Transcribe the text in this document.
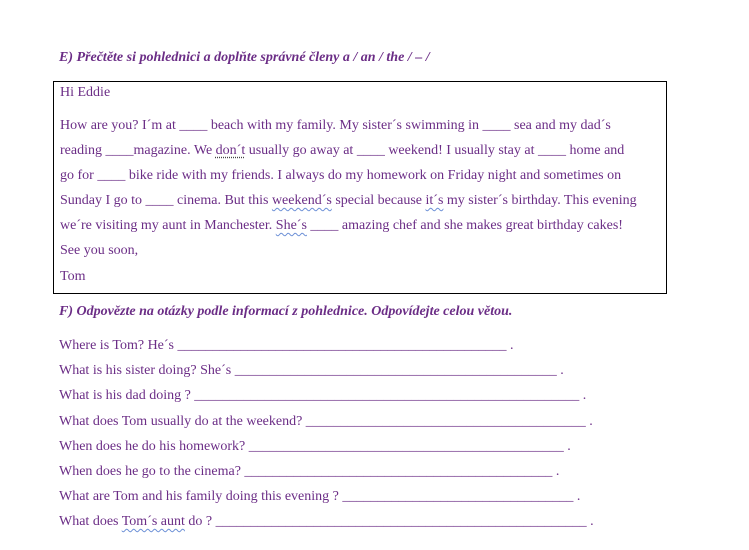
E) Přečtěte si pohlednici a doplňte správné členy a / an / the / – /
Hi Eddie
How are you? I´m at ____ beach with my family. My sister´s swimming in ____ sea and my dad´s
reading ____magazine. We don´t usually go away at ____ weekend! I usually stay at ____ home and
go for ____ bike ride with my friends. I always do my homework on Friday night and sometimes on
Sunday I go to ____ cinema. But this weekend´s special because it´s my sister´s birthday. This evening
we´re visiting my aunt in Manchester. She´s ____ amazing chef and she makes great birthday cakes!
See you soon,
Tom
F) Odpovězte na otázky podle informací z pohlednice. Odpovídejte celou větou.
Where is Tom? He´s _______________________________________________ .
What is his sister doing? She´s ______________________________________________ .
What is his dad doing ? _______________________________________________________ .
What does Tom usually do at the weekend? ________________________________________ .
When does he do his homework? _____________________________________________ .
When does he go to the cinema? ____________________________________________ .
What are Tom and his family doing this evening ? _________________________________ .
What does Tom´s aunt do ? _____________________________________________________ .
